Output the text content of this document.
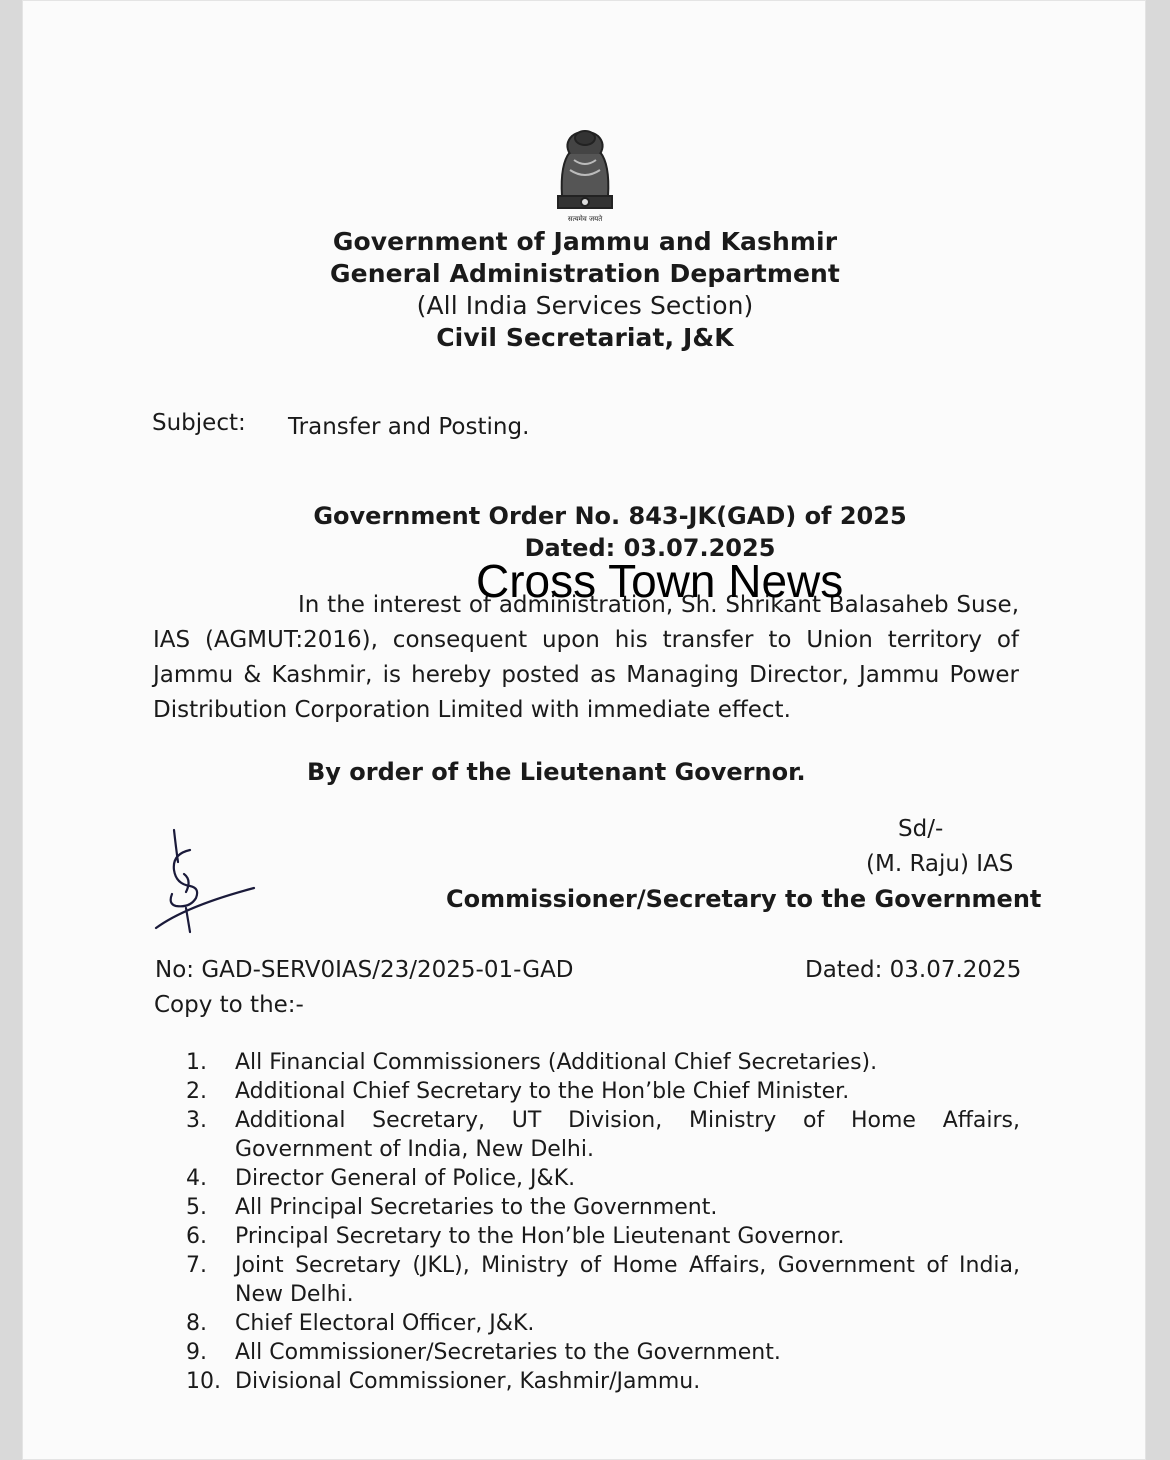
सत्यमेव जयते
Government of Jammu and Kashmir
General Administration Department
(All India Services Section)
Civil Secretariat, J&K
Subject: Transfer and Posting.
Government Order No. 843-JK(GAD) of 2025
Dated: 03.07.2025
In the interest of administration, Sh. Shrikant Balasaheb Suse, IAS (AGMUT:2016), consequent upon his transfer to Union territory of Jammu & Kashmir, is hereby posted as Managing Director, Jammu Power Distribution Corporation Limited with immediate effect.
Cross Town News
By order of the Lieutenant Governor.
Sd/-
(M. Raju) IAS
Commissioner/Secretary to the Government
No: GAD-SERV0IAS/23/2025-01-GAD	Dated: 03.07.2025
Copy to the:-
1.	All Financial Commissioners (Additional Chief Secretaries).
2.	Additional Chief Secretary to the Hon’ble Chief Minister.
3.	Additional Secretary, UT Division, Ministry of Home Affairs, Government of India, New Delhi.
4.	Director General of Police, J&K.
5.	All Principal Secretaries to the Government.
6.	Principal Secretary to the Hon’ble Lieutenant Governor.
7.	Joint Secretary (JKL), Ministry of Home Affairs, Government of India, New Delhi.
8.	Chief Electoral Officer, J&K.
9.	All Commissioner/Secretaries to the Government.
10. Divisional Commissioner, Kashmir/Jammu.
